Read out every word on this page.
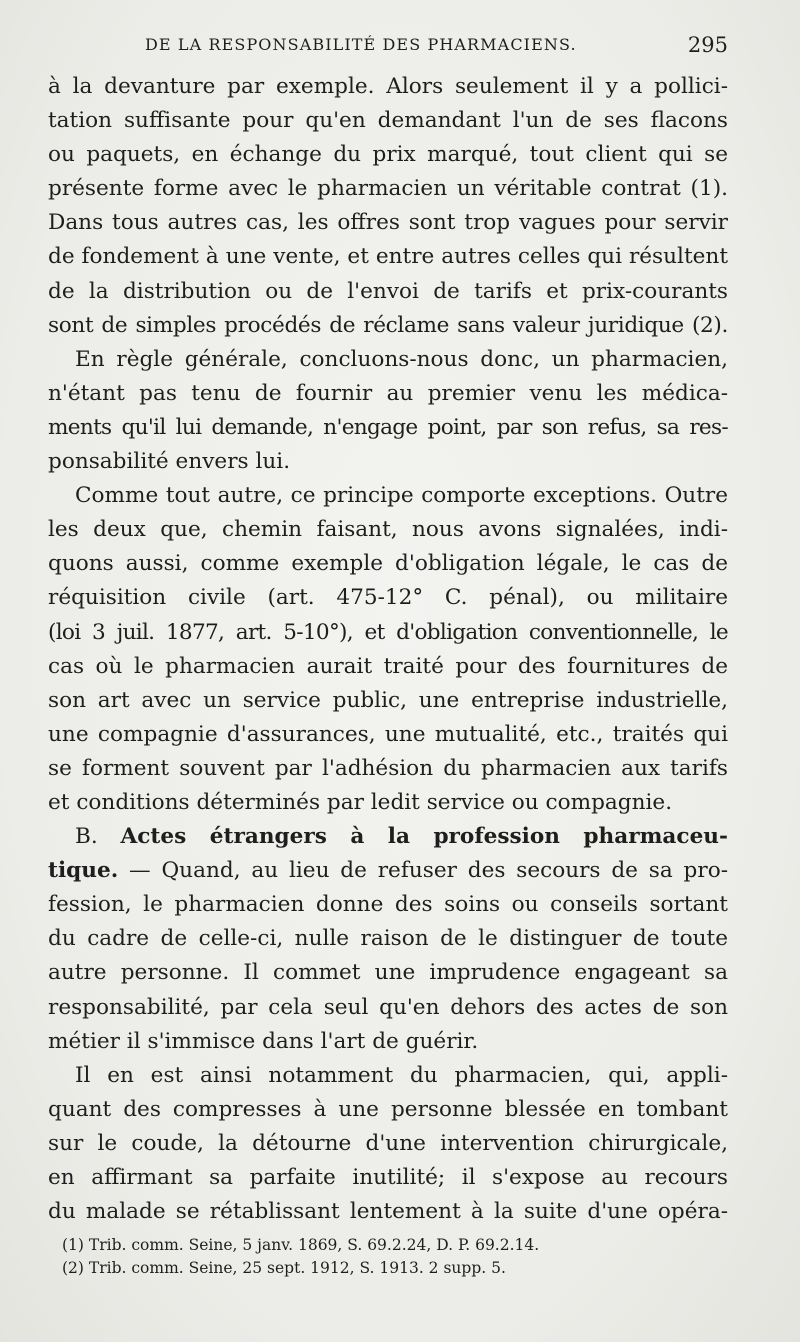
DE LA RESPONSABILITÉ DES PHARMACIENS.	295
à la devanture par exemple. Alors seulement il y a pollici-
tation suffisante pour qu'en demandant l'un de ses flacons
ou paquets, en échange du prix marqué, tout client qui se
présente forme avec le pharmacien un véritable contrat (1).
Dans tous autres cas, les offres sont trop vagues pour servir
de fondement à une vente, et entre autres celles qui résultent
de la distribution ou de l'envoi de tarifs et prix-courants
sont de simples procédés de réclame sans valeur juridique (2).
En règle générale, concluons-nous donc, un pharmacien,
n'étant pas tenu de fournir au premier venu les médica-
ments qu'il lui demande, n'engage point, par son refus, sa res-
ponsabilité envers lui.
Comme tout autre, ce principe comporte exceptions. Outre
les deux que, chemin faisant, nous avons signalées, indi-
quons aussi, comme exemple d'obligation légale, le cas de
réquisition civile (art. 475-12° C. pénal), ou militaire
(loi 3 juil. 1877, art. 5-10°), et d'obligation conventionnelle, le
cas où le pharmacien aurait traité pour des fournitures de
son art avec un service public, une entreprise industrielle,
une compagnie d'assurances, une mutualité, etc., traités qui
se forment souvent par l'adhésion du pharmacien aux tarifs
et conditions déterminés par ledit service ou compagnie.
B. Actes étrangers à la profession pharmaceu-
tique. — Quand, au lieu de refuser des secours de sa pro-
fession, le pharmacien donne des soins ou conseils sortant
du cadre de celle-ci, nulle raison de le distinguer de toute
autre personne. Il commet une imprudence engageant sa
responsabilité, par cela seul qu'en dehors des actes de son
métier il s'immisce dans l'art de guérir.
Il en est ainsi notamment du pharmacien, qui, appli-
quant des compresses à une personne blessée en tombant
sur le coude, la détourne d'une intervention chirurgicale,
en affirmant sa parfaite inutilité; il s'expose au recours
du malade se rétablissant lentement à la suite d'une opéra-
(1) Trib. comm. Seine, 5 janv. 1869, S. 69.2.24, D. P. 69.2.14.
(2) Trib. comm. Seine, 25 sept. 1912, S. 1913. 2 supp. 5.
